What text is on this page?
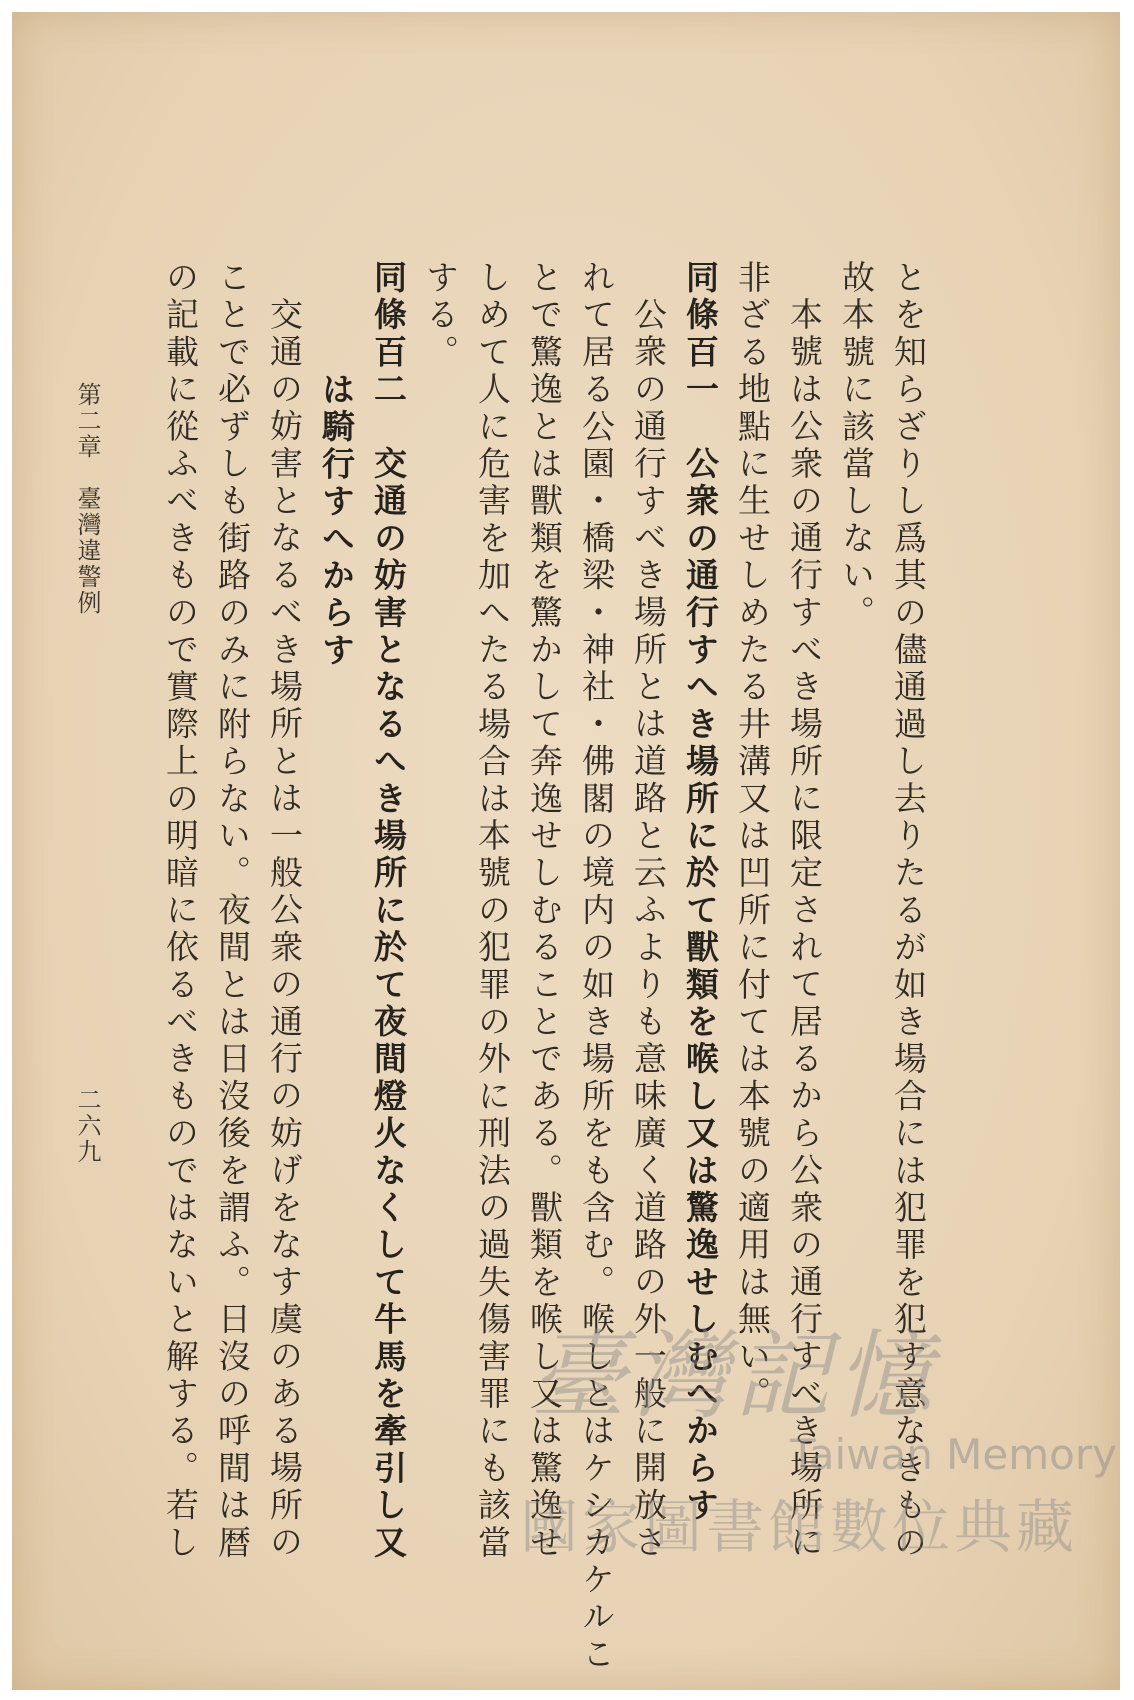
とを知らざりし爲其の儘通過し去りたるが如き場合には犯罪を犯す意なきもの
故本號に該當しない。
本號は公衆の通行すべき場所に限定されて居るから公衆の通行すべき場所に
非ざる地點に生せしめたる井溝又は凹所に付ては本號の適用は無い。
同條百一　公衆の通行すへき場所に於て獸類を喉し又は驚逸せしむへからす
公衆の通行すべき場所とは道路と云ふよりも意味廣く道路の外一般に開放さ
れて居る公園・橋梁・神社・佛閣の境内の如き場所をも含む。喉しとはケシカケルこ
とで驚逸とは獸類を驚かして奔逸せしむることである。獸類を喉し又は驚逸せ
しめて人に危害を加へたる場合は本號の犯罪の外に刑法の過失傷害罪にも該當
する。
同條百二　交通の妨害となるへき場所に於て夜間燈火なくして牛馬を牽引し又
は騎行すへからす
交通の妨害となるべき場所とは一般公衆の通行の妨げをなす虞のある場所の
ことで必ずしも街路のみに附らない。夜間とは日沒後を謂ふ。日沒の呼間は暦
の記載に從ふべきもので實際上の明暗に依るべきものではないと解する。若し
第二章　臺灣違警例
二六九
臺灣記憶
Taiwan Memory
國家圖書館數位典藏
